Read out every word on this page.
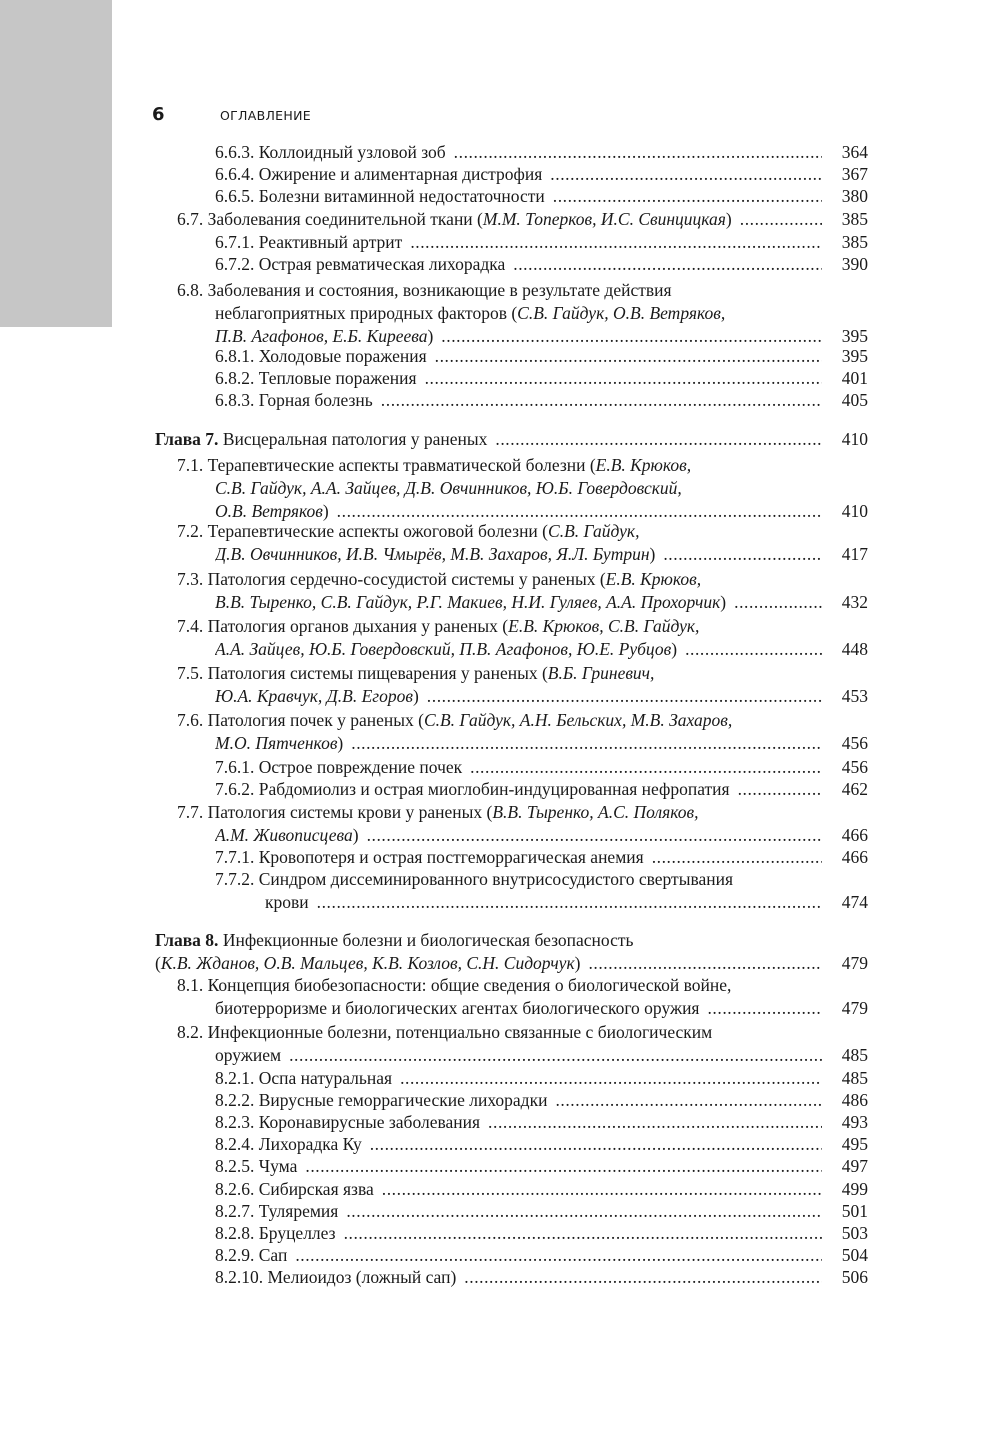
6	ОГЛАВЛЕНИЕ
6.6.3. Коллоидный узловой зоб . . .	364
6.6.4. Ожирение и алиментарная дистрофия . . .	367
6.6.5. Болезни витаминной недостаточности . . .	380
6.7. Заболевания соединительной ткани (М.М. Топерков, И.С. Свинцицкая) . . .	385
6.7.1. Реактивный артрит . . .	385
6.7.2. Острая ревматическая лихорадка . . .	390
6.8. Заболевания и состояния, возникающие в результате действия
неблагоприятных природных факторов (С.В. Гайдук, О.В. Ветряков,
П.В. Агафонов, Е.Б. Киреева) . . .	395
6.8.1. Холодовые поражения . . .	395
6.8.2. Тепловые поражения . . .	401
6.8.3. Горная болезнь . . .	405
Глава 7. Висцеральная патология у раненых . . .	410
7.1. Терапевтические аспекты травматической болезни (Е.В. Крюков,
С.В. Гайдук, А.А. Зайцев, Д.В. Овчинников, Ю.Б. Говердовский,
О.В. Ветряков) . . .	410
7.2. Терапевтические аспекты ожоговой болезни (С.В. Гайдук,
Д.В. Овчинников, И.В. Чмырёв, М.В. Захаров, Я.Л. Бутрин) . . .	417
7.3. Патология сердечно-сосудистой системы у раненых (Е.В. Крюков,
В.В. Тыренко, С.В. Гайдук, Р.Г. Макиев, Н.И. Гуляев, А.А. Прохорчик) . . .	432
7.4. Патология органов дыхания у раненых (Е.В. Крюков, С.В. Гайдук,
А.А. Зайцев, Ю.Б. Говердовский, П.В. Агафонов, Ю.Е. Рубцов) . . .	448
7.5. Патология системы пищеварения у раненых (В.Б. Гриневич,
Ю.А. Кравчук, Д.В. Егоров) . . .	453
7.6. Патология почек у раненых (С.В. Гайдук, А.Н. Бельских, М.В. Захаров,
М.О. Пятченков) . . .	456
7.6.1. Острое повреждение почек . . .	456
7.6.2. Рабдомиолиз и острая миоглобин-индуцированная нефропатия . . .	462
7.7. Патология системы крови у раненых (В.В. Тыренко, А.С. Поляков,
А.М. Живописцева) . . .	466
7.7.1. Кровопотеря и острая постгеморрагическая анемия . . .	466
7.7.2. Синдром диссеминированного внутрисосудистого свертывания
крови . . .	474
Глава 8. Инфекционные болезни и биологическая безопасность
(К.В. Жданов, О.В. Мальцев, К.В. Козлов, С.Н. Сидорчук) . . .	479
8.1. Концепция биобезопасности: общие сведения о биологической войне,
биотерроризме и биологических агентах биологического оружия . . .	479
8.2. Инфекционные болезни, потенциально связанные с биологическим
оружием . . .	485
8.2.1. Оспа натуральная . . .	485
8.2.2. Вирусные геморрагические лихорадки . . .	486
8.2.3. Коронавирусные заболевания . . .	493
8.2.4. Лихорадка Ку . . .	495
8.2.5. Чума . . .	497
8.2.6. Сибирская язва . . .	499
8.2.7. Туляремия . . .	501
8.2.8. Бруцеллез . . .	503
8.2.9. Сап . . .	504
8.2.10. Мелиоидоз (ложный сап) . . .	506
